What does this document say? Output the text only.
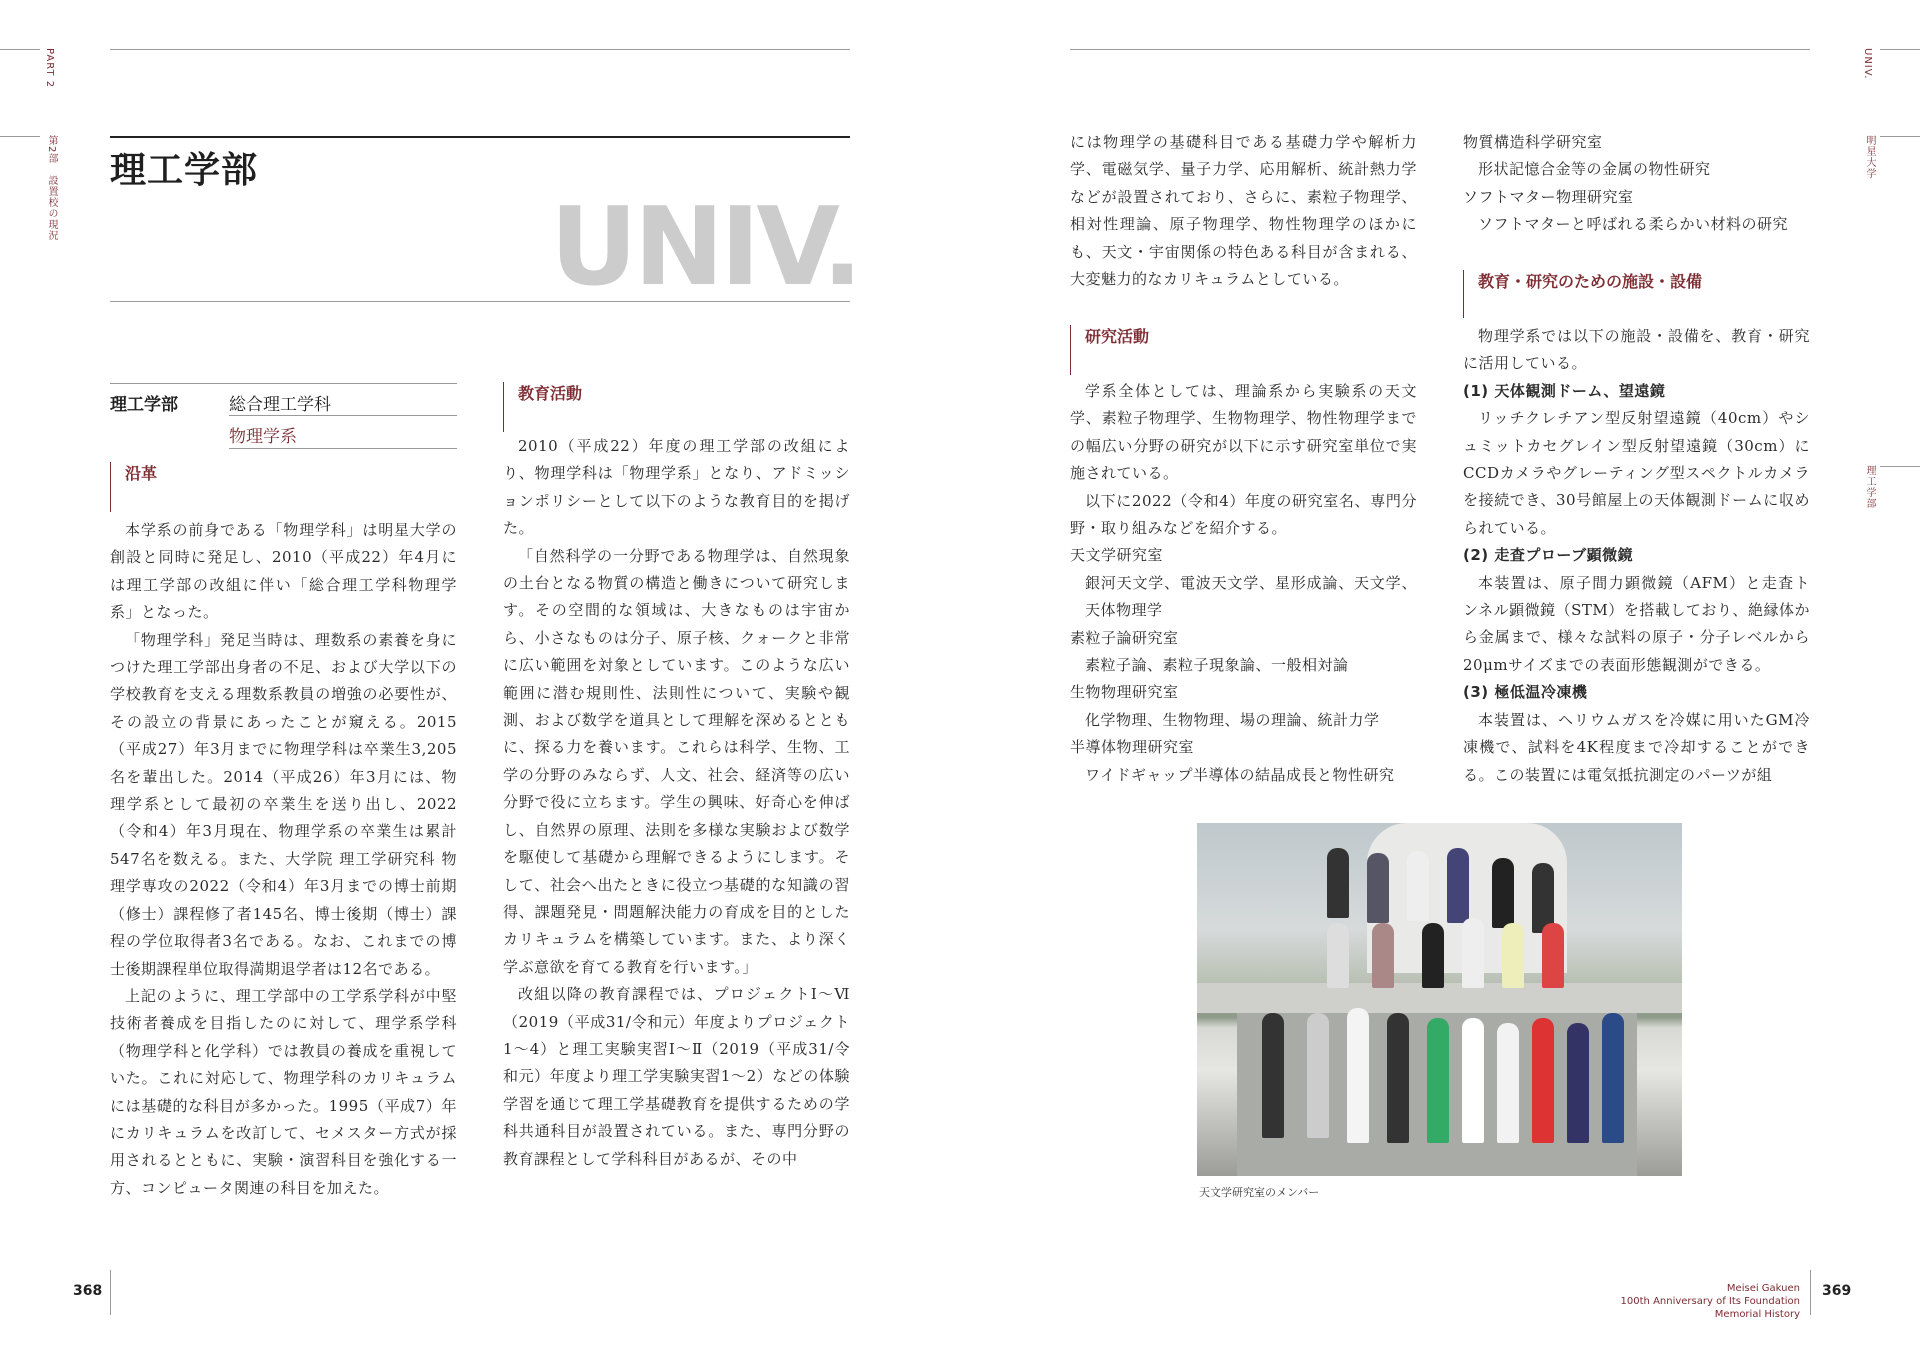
PART 2
第2部　設置校の現況 理工学部
UNIV.
理工学部	総合理工学科
物理学系
沿革

本学系の前身である「物理学科」は明星大学の創設と同時に発足し、2010（平成22）年4月には理工学部の改組に伴い「総合理工学科物理学系」となった。

「物理学科」発足当時は、理数系の素養を身につけた理工学部出身者の不足、および大学以下の学校教育を支える理数系教員の増強の必要性が、その設立の背景にあったことが窺える。2015（平成27）年3月までに物理学科は卒業生3,205名を輩出した。2014（平成26）年3月には、物理学系として最初の卒業生を送り出し、2022（令和4）年3月現在、物理学系の卒業生は累計547名を数える。また、大学院 理工学研究科 物理学専攻の2022（令和4）年3月までの博士前期（修士）課程修了者145名、博士後期（博士）課程の学位取得者3名である。なお、これまでの博士後期課程単位取得満期退学者は12名である。

上記のように、理工学部中の工学系学科が中堅技術者養成を目指したのに対して、理学系学科（物理学科と化学科）では教員の養成を重視していた。これに対応して、物理学科のカリキュラムには基礎的な科目が多かった。1995（平成7）年にカリキュラムを改訂して、セメスター方式が採用されるとともに、実験・演習科目を強化する一方、コンピュータ関連の科目を加えた。

教育活動

2010（平成22）年度の理工学部の改組により、物理学科は「物理学系」となり、アドミッションポリシーとして以下のような教育目的を掲げた。

「自然科学の一分野である物理学は、自然現象の土台となる物質の構造と働きについて研究します。その空間的な領域は、大きなものは宇宙から、小さなものは分子、原子核、クォークと非常に広い範囲を対象としています。このような広い範囲に潜む規則性、法則性について、実験や観測、および数学を道具として理解を深めるとともに、探る力を養います。これらは科学、生物、工学の分野のみならず、人文、社会、経済等の広い分野で役に立ちます。学生の興味、好奇心を伸ばし、自然界の原理、法則を多様な実験および数学を駆使して基礎から理解できるようにします。そして、社会へ出たときに役立つ基礎的な知識の習得、課題発見・問題解決能力の育成を目的としたカリキュラムを構築しています。また、より深く学ぶ意欲を育てる教育を行います。」

改組以降の教育課程では、プロジェクトⅠ～Ⅵ（2019（平成31/令和元）年度よりプロジェクト1～4）と理工実験実習Ⅰ～Ⅱ（2019（平成31/令和元）年度より理工学実験実習1～2）などの体験学習を通じて理工学基礎教育を提供するための学科共通科目が設置されている。また、専門分野の教育課程として学科科目があるが、その中

368
UNIV.
明星大学
理工学部

には物理学の基礎科目である基礎力学や解析力学、電磁気学、量子力学、応用解析、統計熱力学などが設置されており、さらに、素粒子物理学、相対性理論、原子物理学、物性物理学のほかにも、天文・宇宙関係の特色ある科目が含まれる、大変魅力的なカリキュラムとしている。

研究活動

学系全体としては、理論系から実験系の天文学、素粒子物理学、生物物理学、物性物理学までの幅広い分野の研究が以下に示す研究室単位で実施されている。

以下に2022（令和4）年度の研究室名、専門分野・取り組みなどを紹介する。

天文学研究室

銀河天文学、電波天文学、星形成論、天文学、天体物理学

素粒子論研究室

素粒子論、素粒子現象論、一般相対論

生物物理研究室

化学物理、生物物理、場の理論、統計力学

半導体物理研究室

ワイドギャップ半導体の結晶成長と物性研究

物質構造科学研究室

形状記憶合金等の金属の物性研究

ソフトマター物理研究室

ソフトマターと呼ばれる柔らかい材料の研究

教育・研究のための施設・設備

物理学系では以下の施設・設備を、教育・研究に活用している。

(1) 天体観測ドーム、望遠鏡

リッチクレチアン型反射望遠鏡（40cm）やシュミットカセグレイン型反射望遠鏡（30cm）にCCDカメラやグレーティング型スペクトルカメラを接続でき、30号館屋上の天体観測ドームに収められている。

(2) 走査プローブ顕微鏡

本装置は、原子間力顕微鏡（AFM）と走査トンネル顕微鏡（STM）を搭載しており、絶縁体から金属まで、様々な試料の原子・分子レベルから20μmサイズまでの表面形態観測ができる。

(3) 極低温冷凍機

本装置は、ヘリウムガスを冷媒に用いたGM冷凍機で、試料を4K程度まで冷却することができる。この装置には電気抵抗測定のパーツが組

天文学研究室のメンバー
Meisei Gakuen
100th Anniversary of Its Foundation
Memorial History
369
